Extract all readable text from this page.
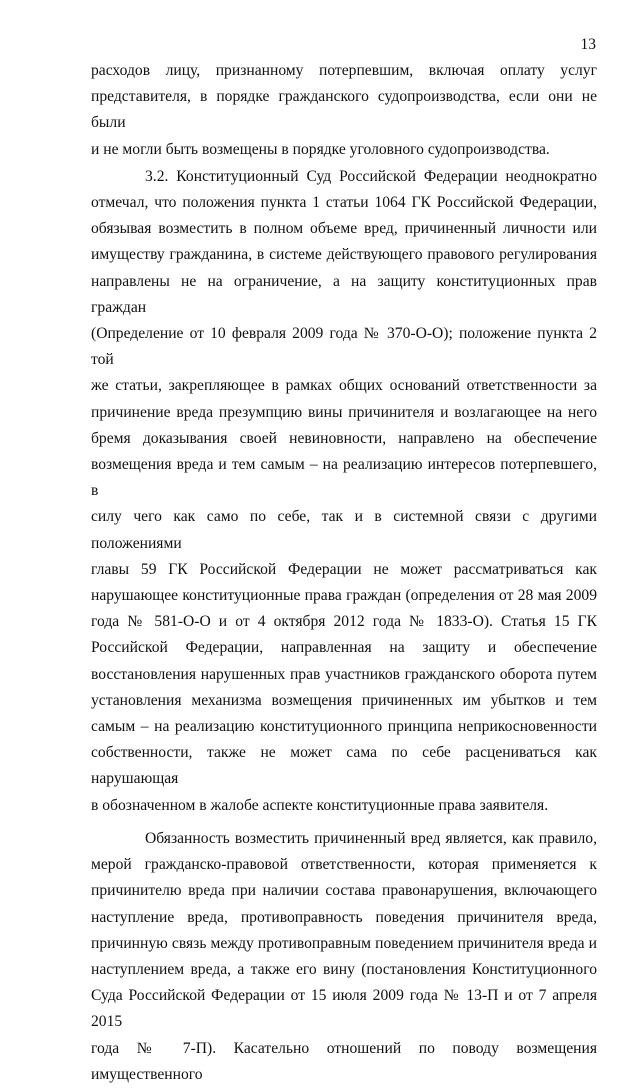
13

расходов лицу, признанному потерпевшим, включая оплату услуг
представителя, в порядке гражданского судопроизводства, если они не были
и не могли быть возмещены в порядке уголовного судопроизводства.

3.2. Конституционный Суд Российской Федерации неоднократно
отмечал, что положения пункта 1 статьи 1064 ГК Российской Федерации,
обязывая возместить в полном объеме вред, причиненный личности или
имуществу гражданина, в системе действующего правового регулирования
направлены не на ограничение, а на защиту конституционных прав граждан
(Определение от 10 февраля 2009 года № 370-О-О); положение пункта 2 той
же статьи, закрепляющее в рамках общих оснований ответственности за
причинение вреда презумпцию вины причинителя и возлагающее на него
бремя доказывания своей невиновности, направлено на обеспечение
возмещения вреда и тем самым – на реализацию интересов потерпевшего, в
силу чего как само по себе, так и в системной связи с другими положениями
главы 59 ГК Российской Федерации не может рассматриваться как
нарушающее конституционные права граждан (определения от 28 мая 2009
года № 581-О-О и от 4 октября 2012 года № 1833-О). Статья 15 ГК
Российской Федерации, направленная на защиту и обеспечение
восстановления нарушенных прав участников гражданского оборота путем
установления механизма возмещения причиненных им убытков и тем
самым – на реализацию конституционного принципа неприкосновенности
собственности, также не может сама по себе расцениваться как нарушающая
в обозначенном в жалобе аспекте конституционные права заявителя.

Обязанность возместить причиненный вред является, как правило,
мерой гражданско-правовой ответственности, которая применяется к
причинителю вреда при наличии состава правонарушения, включающего
наступление вреда, противоправность поведения причинителя вреда,
причинную связь между противоправным поведением причинителя вреда и
наступлением вреда, а также его вину (постановления Конституционного
Суда Российской Федерации от 15 июля 2009 года № 13-П и от 7 апреля 2015
года № 7-П). Касательно отношений по поводу возмещения имущественного
